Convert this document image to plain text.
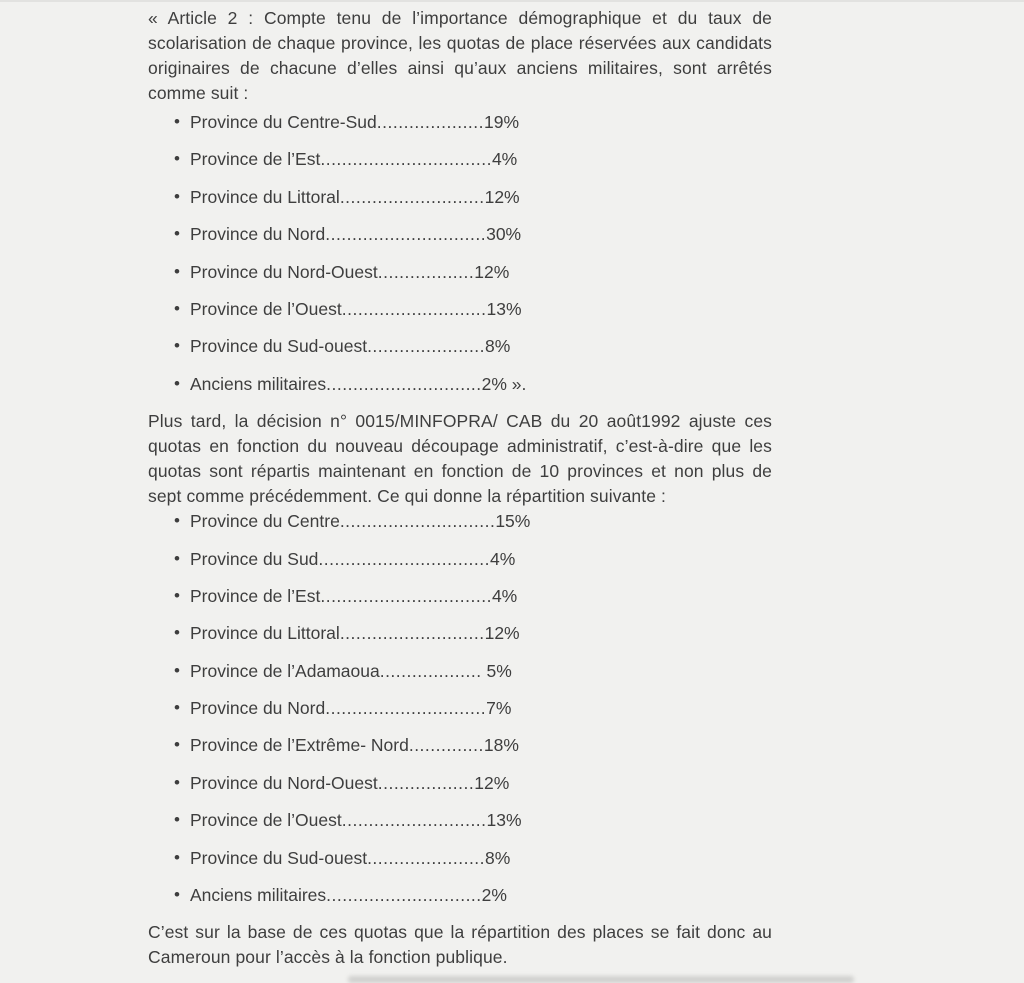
« Article 2 : Compte tenu de l’importance démographique et du taux de scolarisation de chaque province, les quotas de place réservées aux candidats originaires de chacune d’elles ainsi qu’aux anciens militaires, sont arrêtés comme suit :

• Province du Centre-Sud....................19%
• Province de l’Est................................4%
• Province du Littoral...........................12%
• Province du Nord..............................30%
• Province du Nord-Ouest..................12%
• Province de l’Ouest...........................13%
• Province du Sud-ouest......................8%
• Anciens militaires.............................2% ».

Plus tard, la décision n° 0015/MINFOPRA/ CAB du 20 août1992 ajuste ces quotas en fonction du nouveau découpage administratif, c’est-à-dire que les quotas sont répartis maintenant en fonction de 10 provinces et non plus de sept comme précédemment. Ce qui donne la répartition suivante :

• Province du Centre.............................15%
• Province du Sud................................4%
• Province de l’Est................................4%
• Province du Littoral...........................12%
• Province de l’Adamaoua................... 5%
• Province du Nord..............................7%
• Province de l’Extrême- Nord..............18%
• Province du Nord-Ouest..................12%
• Province de l’Ouest...........................13%
• Province du Sud-ouest......................8%
• Anciens militaires.............................2%

C’est sur la base de ces quotas que la répartition des places se fait donc au Cameroun pour l’accès à la fonction publique.
